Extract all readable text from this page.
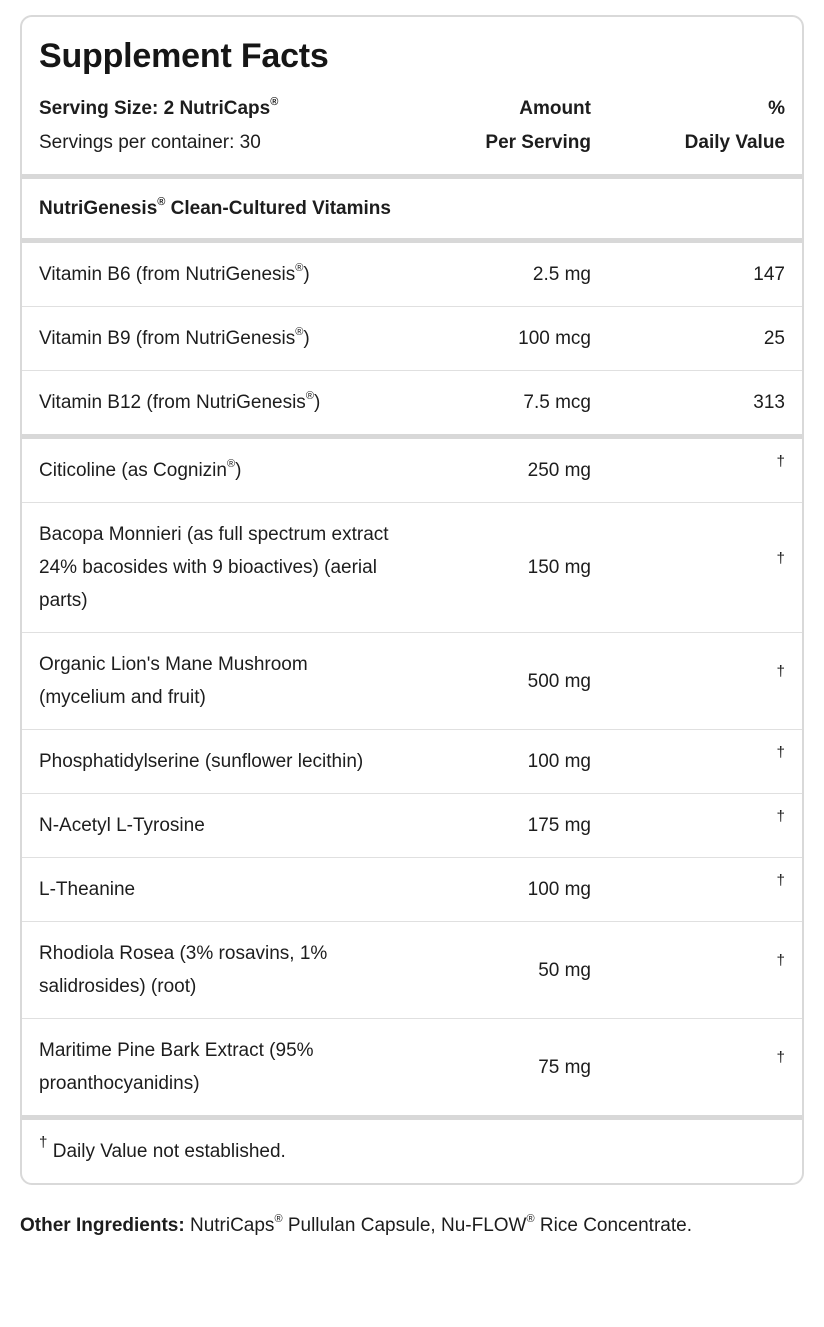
Supplement Facts
Serving Size: 2 NutriCaps®
Servings per container: 30
Amount
Per Serving
%
Daily Value
NutriGenesis® Clean-Cultured Vitamins
Vitamin B6 (from NutriGenesis®)	2.5 mg	147
Vitamin B9 (from NutriGenesis®)	100 mcg	25
Vitamin B12 (from NutriGenesis®)	7.5 mcg	313
Citicoline (as Cognizin®)	250 mg	†
Bacopa Monnieri (as full spectrum extract 24% bacosides with 9 bioactives) (aerial parts)
150 mg	†
Organic Lion's Mane Mushroom (mycelium and fruit)
500 mg	†
Phosphatidylserine (sunflower lecithin)	100 mg	†
N-Acetyl L-Tyrosine	175 mg	†
L-Theanine	100 mg	†
Rhodiola Rosea (3% rosavins, 1% salidrosides) (root)
50 mg	†
Maritime Pine Bark Extract (95% proanthocyanidins)
75 mg	†
† Daily Value not established.

Other Ingredients: NutriCaps® Pullulan Capsule, Nu-FLOW® Rice Concentrate.
